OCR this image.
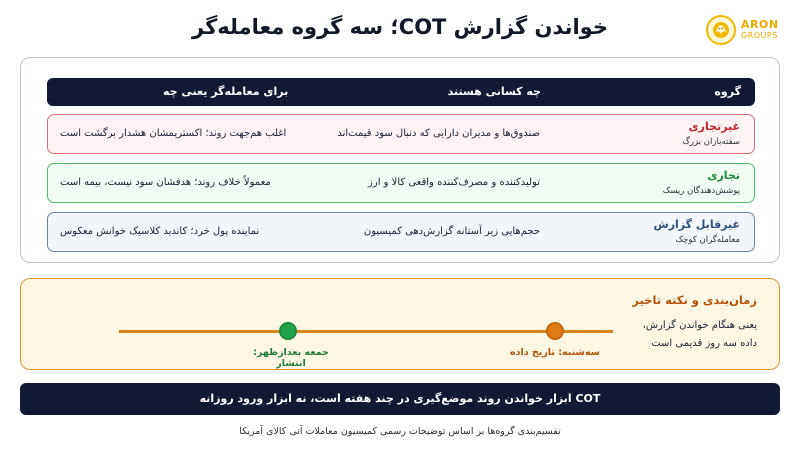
خواندن گزارش COT؛ سه گروه معامله‌گر	ARON
GROUPS
گروه
چه کسانی هستند
برای معامله‌گر یعنی چه
غیرتجاری
سفته‌بازان بزرگ
صندوق‌ها و مدیران دارایی که دنبال سود قیمت‌اند
اغلب هم‌جهت روند؛ اکستریمشان هشدار برگشت است
تجاری
پوشش‌دهندگان ریسک
تولیدکننده و مصرف‌کننده واقعی کالا و ارز
معمولاً خلاف روند؛ هدفشان سود نیست، بیمه است
غیرقابل گزارش
معامله‌گران کوچک
حجم‌هایی زیر آستانه گزارش‌دهی کمیسیون
نماینده پول خرد؛ کاندید کلاسیک خوانش معکوس
زمان‌بندی و نکته تاخیر
یعنی هنگام خواندن گزارش، داده سه روز قدیمی است
سه‌شنبه: تاریخ داده
جمعه بعدازظهر: انتشار
COT ابزار خواندن روند موضع‌گیری در چند هفته است، نه ابزار ورود روزانه
تقسیم‌بندی گروه‌ها بر اساس توضیحات رسمی کمیسیون معاملات آتی کالای آمریکا
